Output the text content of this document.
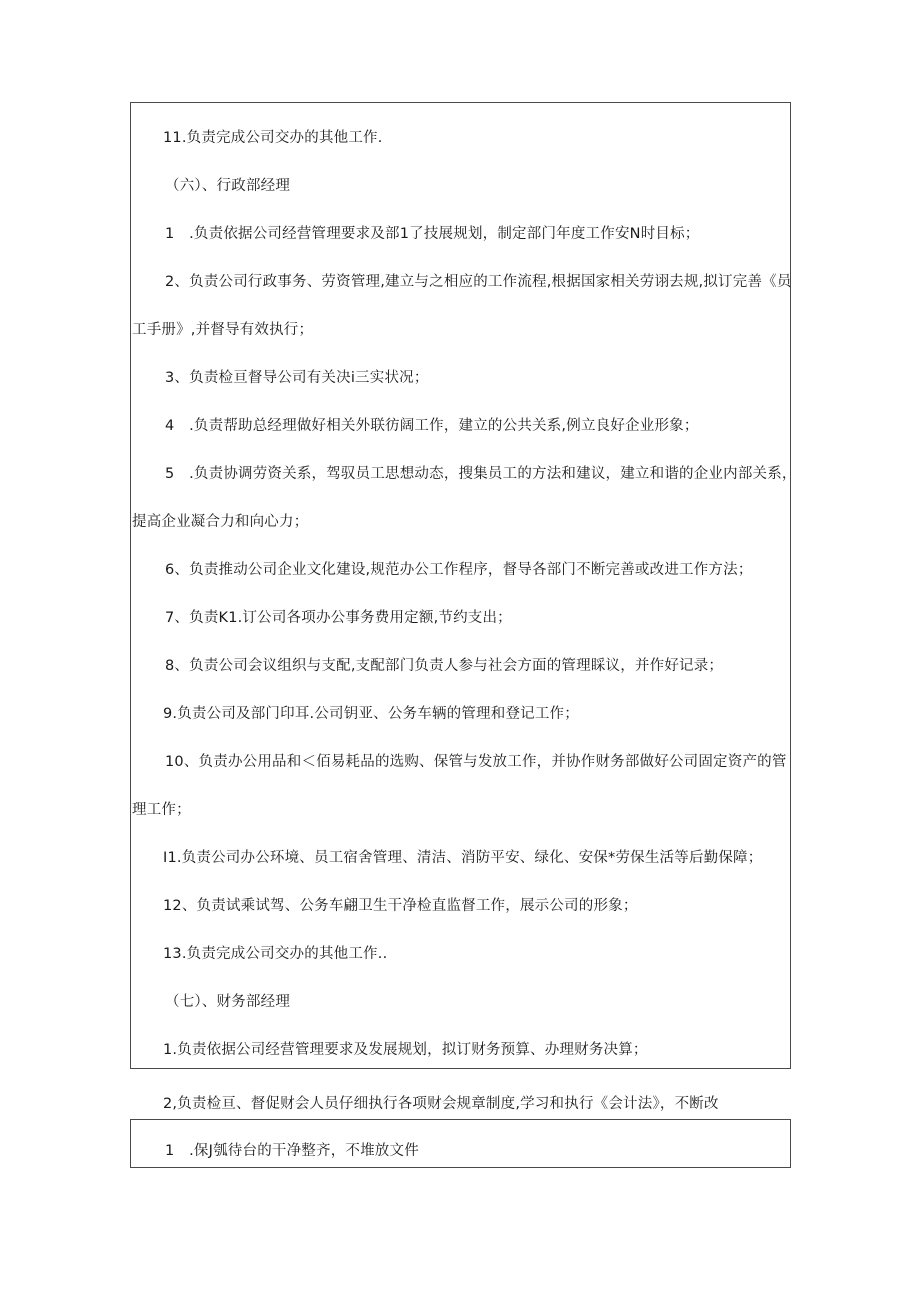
11.负责完成公司交办的其他工作.
（六）、行政部经理
1　.负责依据公司经营管理要求及部1了技展规划，制定部门年度工作安N时目标；
2、负责公司行政事务、劳资管理,建立与之相应的工作流程,根据国家相关劳诩去规,拟订完善《员
工手册》,并督导有效执行；
3、负责检亘督导公司有关决i三实状况；
4　.负责帮助总经理做好相关外联彷阔工作，建立的公共关系,例立良好企业形象；
5　.负责协调劳资关系，驾驭员工思想动态，搜集员工的方法和建议，建立和谐的企业内部关系，
提高企业凝合力和向心力；
6、负责推动公司企业文化建设,规范办公工作程序，督导各部门不断完善或改进工作方法；
7、负责K1.订公司各项办公事务费用定额,节约支出；
8、负责公司会议组织与支配,支配部门负责人参与社会方面的管理睬议，并作好记录；
9.负责公司及部门印耳.公司钥亚、公务车辆的管理和登记工作；
10、负责办公用品和＜佰易耗品的选购、保管与发放工作，并协作财务部做好公司固定资产的管
理工作；
I1.负责公司办公环境、员工宿舍管理、清洁、消防平安、绿化、安保*劳保生活等后勤保障；
12、负责试乘试驾、公务车翩卫生干净检直监督工作，展示公司的形象；
13.负责完成公司交办的其他工作..
（七）、财务部经理
1.负责依据公司经营管理要求及发展规划，拟订财务预算、办理财务决算；
2,负责检亘、督促财会人员仔细执行各项财会规章制度,学习和执行《会计法》，不断改
1　.保J瓠待台的干净整齐，不堆放文件
